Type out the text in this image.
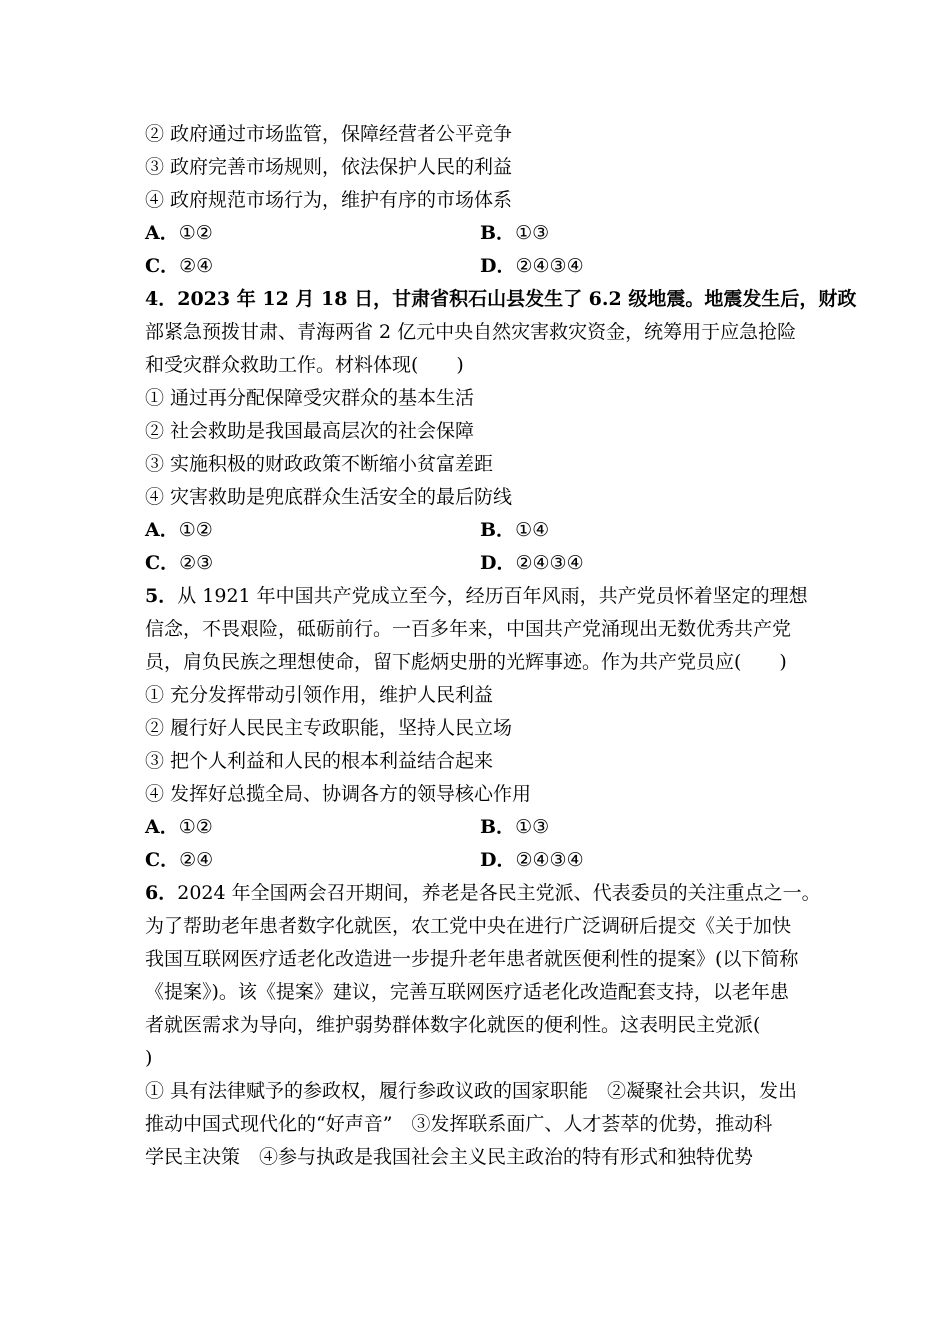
② 政府通过市场监管，保障经营者公平竞争
③ 政府完善市场规则，依法保护人民的利益
④ 政府规范市场行为，维护有序的市场体系
A．①②	B．①③
C．②④	D．②④③④
4．2023 年 12 月 18 日，甘肃省积石山县发生了 6.2 级地震。地震发生后，财政
部紧急预拨甘肃、青海两省 2 亿元中央自然灾害救灾资金，统筹用于应急抢险
和受灾群众救助工作。材料体现(　　)
① 通过再分配保障受灾群众的基本生活
② 社会救助是我国最高层次的社会保障
③ 实施积极的财政政策不断缩小贫富差距
④ 灾害救助是兜底群众生活安全的最后防线
A．①②	B．①④
C．②③	D．②④③④
5．从 1921 年中国共产党成立至今，经历百年风雨，共产党员怀着坚定的理想
信念，不畏艰险，砥砺前行。一百多年来，中国共产党涌现出无数优秀共产党
员，肩负民族之理想使命，留下彪炳史册的光辉事迹。作为共产党员应(　　)
① 充分发挥带动引领作用，维护人民利益
② 履行好人民民主专政职能，坚持人民立场
③ 把个人利益和人民的根本利益结合起来
④ 发挥好总揽全局、协调各方的领导核心作用
A．①②	B．①③
C．②④	D．②④③④
6．2024 年全国两会召开期间，养老是各民主党派、代表委员的关注重点之一。
为了帮助老年患者数字化就医，农工党中央在进行广泛调研后提交《关于加快
我国互联网医疗适老化改造进一步提升老年患者就医便利性的提案》(以下简称
《提案》)。该《提案》建议，完善互联网医疗适老化改造配套支持，以老年患
者就医需求为导向，维护弱势群体数字化就医的便利性。这表明民主党派(
)
① 具有法律赋予的参政权，履行参政议政的国家职能　②凝聚社会共识，发出
推动中国式现代化的“好声音”　③发挥联系面广、人才荟萃的优势，推动科
学民主决策　④参与执政是我国社会主义民主政治的特有形式和独特优势
